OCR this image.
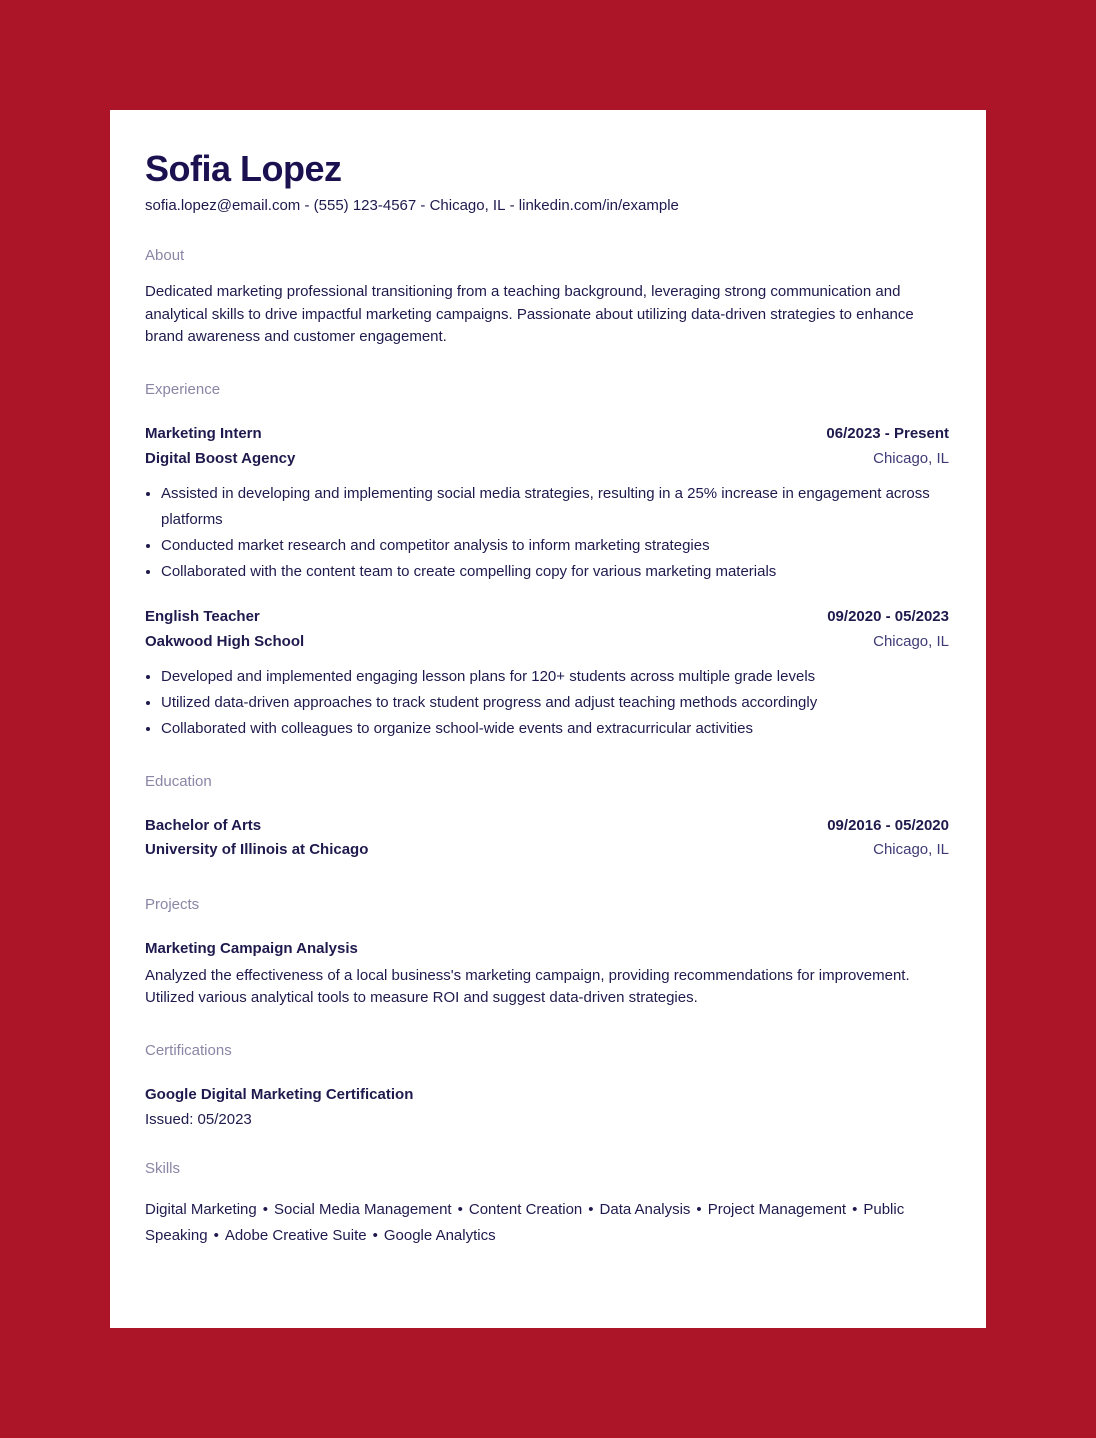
Sofia Lopez
sofia.lopez@email.com - (555) 123-4567 - Chicago, IL - linkedin.com/in/example
About

Dedicated marketing professional transitioning from a teaching background, leveraging strong communication and analytical skills to drive impactful marketing campaigns. Passionate about utilizing data-driven strategies to enhance brand awareness and customer engagement.

Experience
Marketing Intern	06/2023 - Present
Digital Boost Agency	Chicago, IL
• Assisted in developing and implementing social media strategies, resulting in a 25% increase in engagement across platforms
• Conducted market research and competitor analysis to inform marketing strategies
• Collaborated with the content team to create compelling copy for various marketing materials
English Teacher	09/2020 - 05/2023
Oakwood High School	Chicago, IL
• Developed and implemented engaging lesson plans for 120+ students across multiple grade levels
• Utilized data-driven approaches to track student progress and adjust teaching methods accordingly
• Collaborated with colleagues to organize school-wide events and extracurricular activities
Education
Bachelor of Arts	09/2016 - 05/2020
University of Illinois at Chicago	Chicago, IL
Projects
Marketing Campaign Analysis

Analyzed the effectiveness of a local business's marketing campaign, providing recommendations for improvement. Utilized various analytical tools to measure ROI and suggest data-driven strategies.

Certifications
Google Digital Marketing Certification
Issued: 05/2023
Skills
Digital Marketing • Social Media Management • Content Creation • Data Analysis • Project Management • Public Speaking • Adobe Creative Suite • Google Analytics
